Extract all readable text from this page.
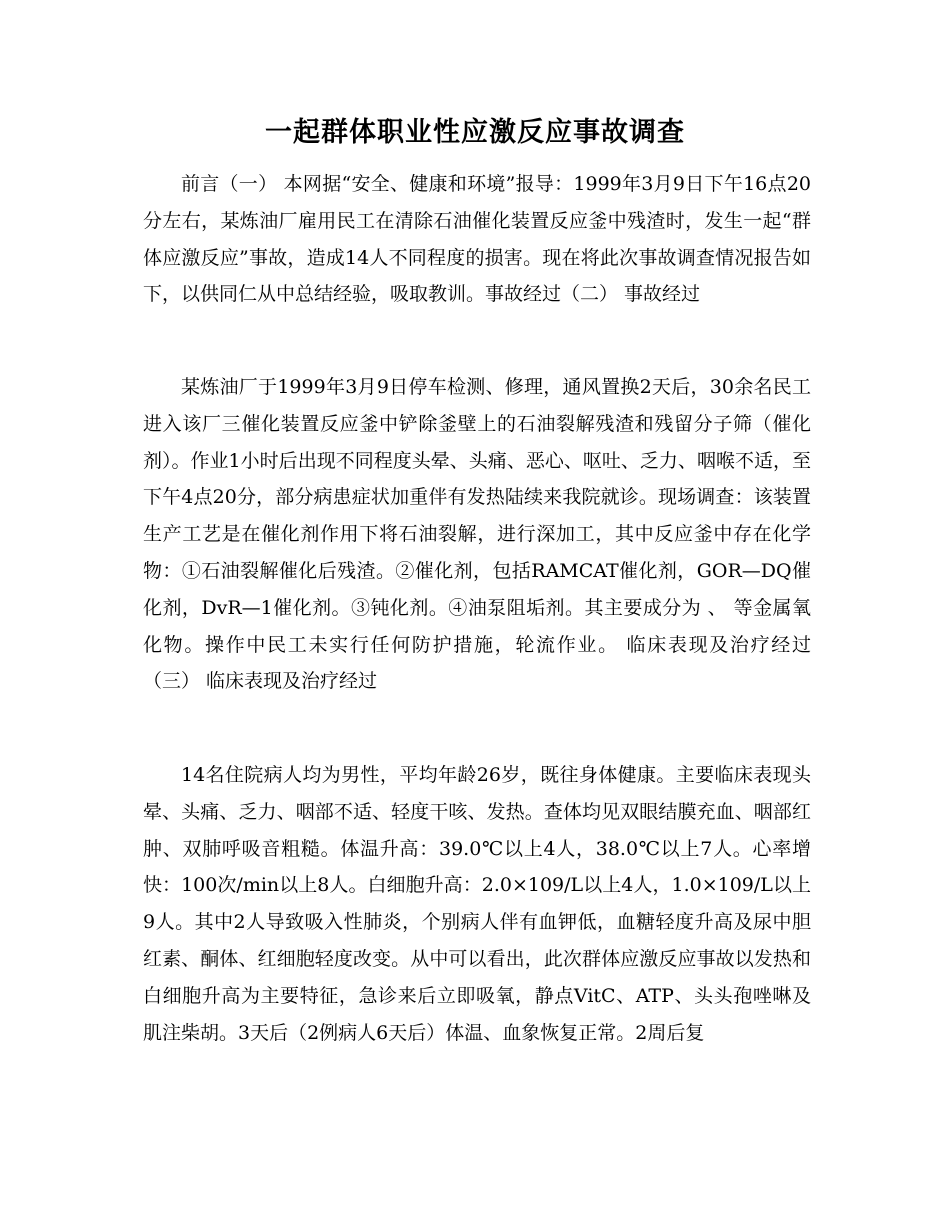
一起群体职业性应激反应事故调查
前言（一） 本网据“安全、健康和环境”报导：1999年3月9日下午16点20分左右，某炼油厂雇用民工在清除石油催化装置反应釜中残渣时，发生一起“群体应激反应”事故，造成14人不同程度的损害。现在将此次事故调查情况报告如下，以供同仁从中总结经验，吸取教训。事故经过（二） 事故经过
某炼油厂于1999年3月9日停车检测、修理，通风置换2天后，30余名民工进入该厂三催化装置反应釜中铲除釜壁上的石油裂解残渣和残留分子筛（催化剂）。作业1小时后出现不同程度头晕、头痛、恶心、呕吐、乏力、咽喉不适，至下午4点20分，部分病患症状加重伴有发热陆续来我院就诊。现场调查：该装置生产工艺是在催化剂作用下将石油裂解，进行深加工，其中反应釜中存在化学物：①石油裂解催化后残渣。②催化剂，包括RAMCAT催化剂，GOR—DQ催化剂，DvR—1催化剂。③钝化剂。④油泵阻垢剂。其主要成分为 、 等金属氧化物。操作中民工未实行任何防护措施，轮流作业。 临床表现及治疗经过（三） 临床表现及治疗经过
14名住院病人均为男性，平均年龄26岁，既往身体健康。主要临床表现头晕、头痛、乏力、咽部不适、轻度干咳、发热。查体均见双眼结膜充血、咽部红肿、双肺呼吸音粗糙。体温升高：39.0℃以上4人，38.0℃以上7人。心率增快：100次/min以上8人。白细胞升高：2.0×109/L以上4人，1.0×109/L以上9人。其中2人导致吸入性肺炎，个别病人伴有血钾低，血糖轻度升高及尿中胆红素、酮体、红细胞轻度改变。从中可以看出，此次群体应激反应事故以发热和白细胞升高为主要特征，急诊来后立即吸氧，静点VitC、ATP、头头孢唑啉及肌注柴胡。3天后（2例病人6天后）体温、血象恢复正常。2周后复
